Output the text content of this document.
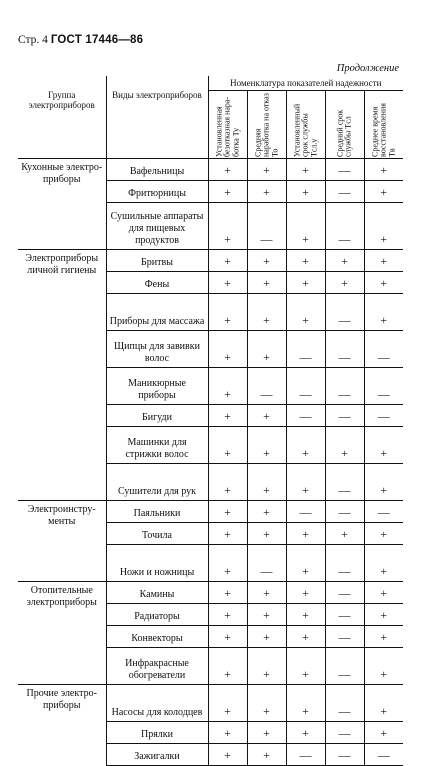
Стр. 4 ГОСТ 17446—86
Продолжение
Группа электроприборов	Виды электроприборов	Номенклатура показателей надежности				

		Установленная безотказная наработка Ty	Средняя наработка на отказ To	Установленный срок службы Tсл.у	Средний срок службы Tсл	Среднее время восстановления Tв

Кухонные электроприборы	Вафельницы	+	+	+	—	+
	Фритюрницы	+	+	+	—	+
	Сушильные аппараты для пищевых продуктов	+	—	+	—	+
Электроприборы личной гигиены	Бритвы	+	+	+	+	+
	Фены	+	+	+	+	+
	Приборы для массажа	+	+	+	—	+
	Щипцы для завивки волос	+	+	—	—	—
	Маникюрные приборы	+	—	—	—	—
	Бигуди	+	+	—	—	—
	Машинки для стрижки волос	+	+	+	+	+
	Сушители для рук	+	+	+	—	+
Электроинструменты	Паяльники	+	+	—	—	—
	Точила	+	+	+	+	+
	Ножи и ножницы	+	—	+	—	+
Отопительные электроприборы	Камины	+	+	+	—	+
	Радиаторы	+	+	+	—	+
	Конвекторы	+	+	+	—	+
	Инфракрасные обогреватели	+	+	+	—	+
Прочие электроприборы	Насосы для колодцев	+	+	+	—	+
	Прялки	+	+	+	—	+
	Зажигалки	+	+	—	—	—
